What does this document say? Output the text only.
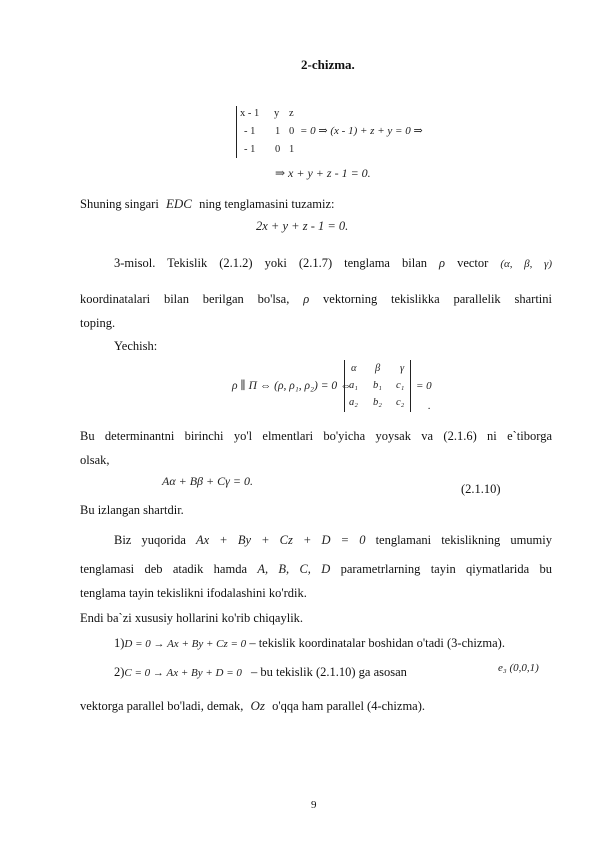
2-chizma.
x - 1 y z
- 1 1 0
- 1 0 1
= 0 ⇒ (x - 1) + z + y = 0 ⇒
⇒ x + y + z - 1 = 0.
Shuning singari EDC ning tenglamasini tuzamiz:
2x + y + z - 1 = 0.
3-misol. Tekislik (2.1.2) yoki (2.1.7) tenglama bilan ρ vector (α, β, γ)
koordinatalari bilan berilgan bo'lsa, ρ vektorning tekislikka parallelik shartini
toping.
Yechish:
ρ ∥ Π ⇔ (ρ, ρ₁, ρ₂) = 0 ⇔
α β γ
a₁ b₁ c₁
a₂ b₂ c₂
= 0
.
Bu determinantni birinchi yo'l elmentlari bo'yicha yoysak va (2.1.6) ni e`tiborga
olsak,
Aα + Bβ + Cγ = 0.
(2.1.10)
Bu izlangan shartdir.
Biz yuqorida Ax + By + Cz + D = 0 tenglamani tekislikning umumiy
tenglamasi deb atadik hamda A, B, C, D parametrlarning tayin qiymatlarida bu
tenglama tayin tekislikni ifodalashini ko'rdik.
Endi ba`zi xususiy hollarini ko'rib chiqaylik.
1)D = 0 → Ax + By + Cz = 0 – tekislik koordinatalar boshidan o'tadi (3-chizma).
2)C = 0 → Ax + By + D = 0 – bu tekislik (2.1.10) ga asosan	e₃ (0,0,1)
vektorga parallel bo'ladi, demak, Oz o'qqa ham parallel (4-chizma).
9
